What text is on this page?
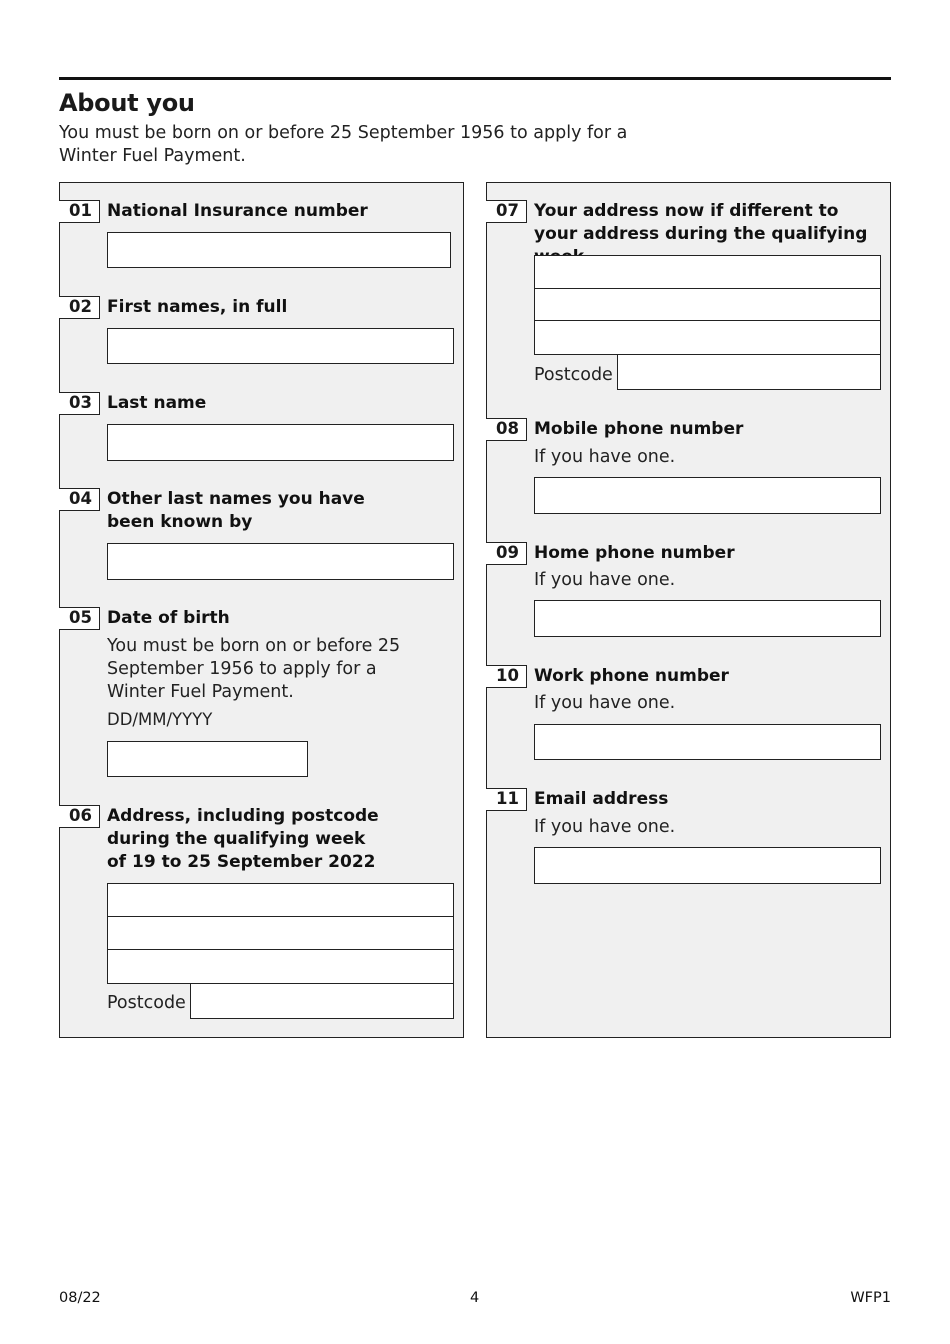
About you
You must be born on or before 25 September 1956 to apply for a Winter Fuel Payment.
01 National Insurance number
02 First names, in full
03 Last name
04 Other last names you have been known by
05 Date of birth
You must be born on or before 25 September 1956 to apply for a Winter Fuel Payment.
DD/MM/YYYY
06 Address, including postcode during the qualifying week of 19 to 25 September 2022
Postcode
07 Your address now if different to your address during the qualifying
Postcode
08 Mobile phone number
If you have one.
09 Home phone number
If you have one.
10 Work phone number
If you have one.
11 Email address
If you have one.
08/22	4	WFP1
